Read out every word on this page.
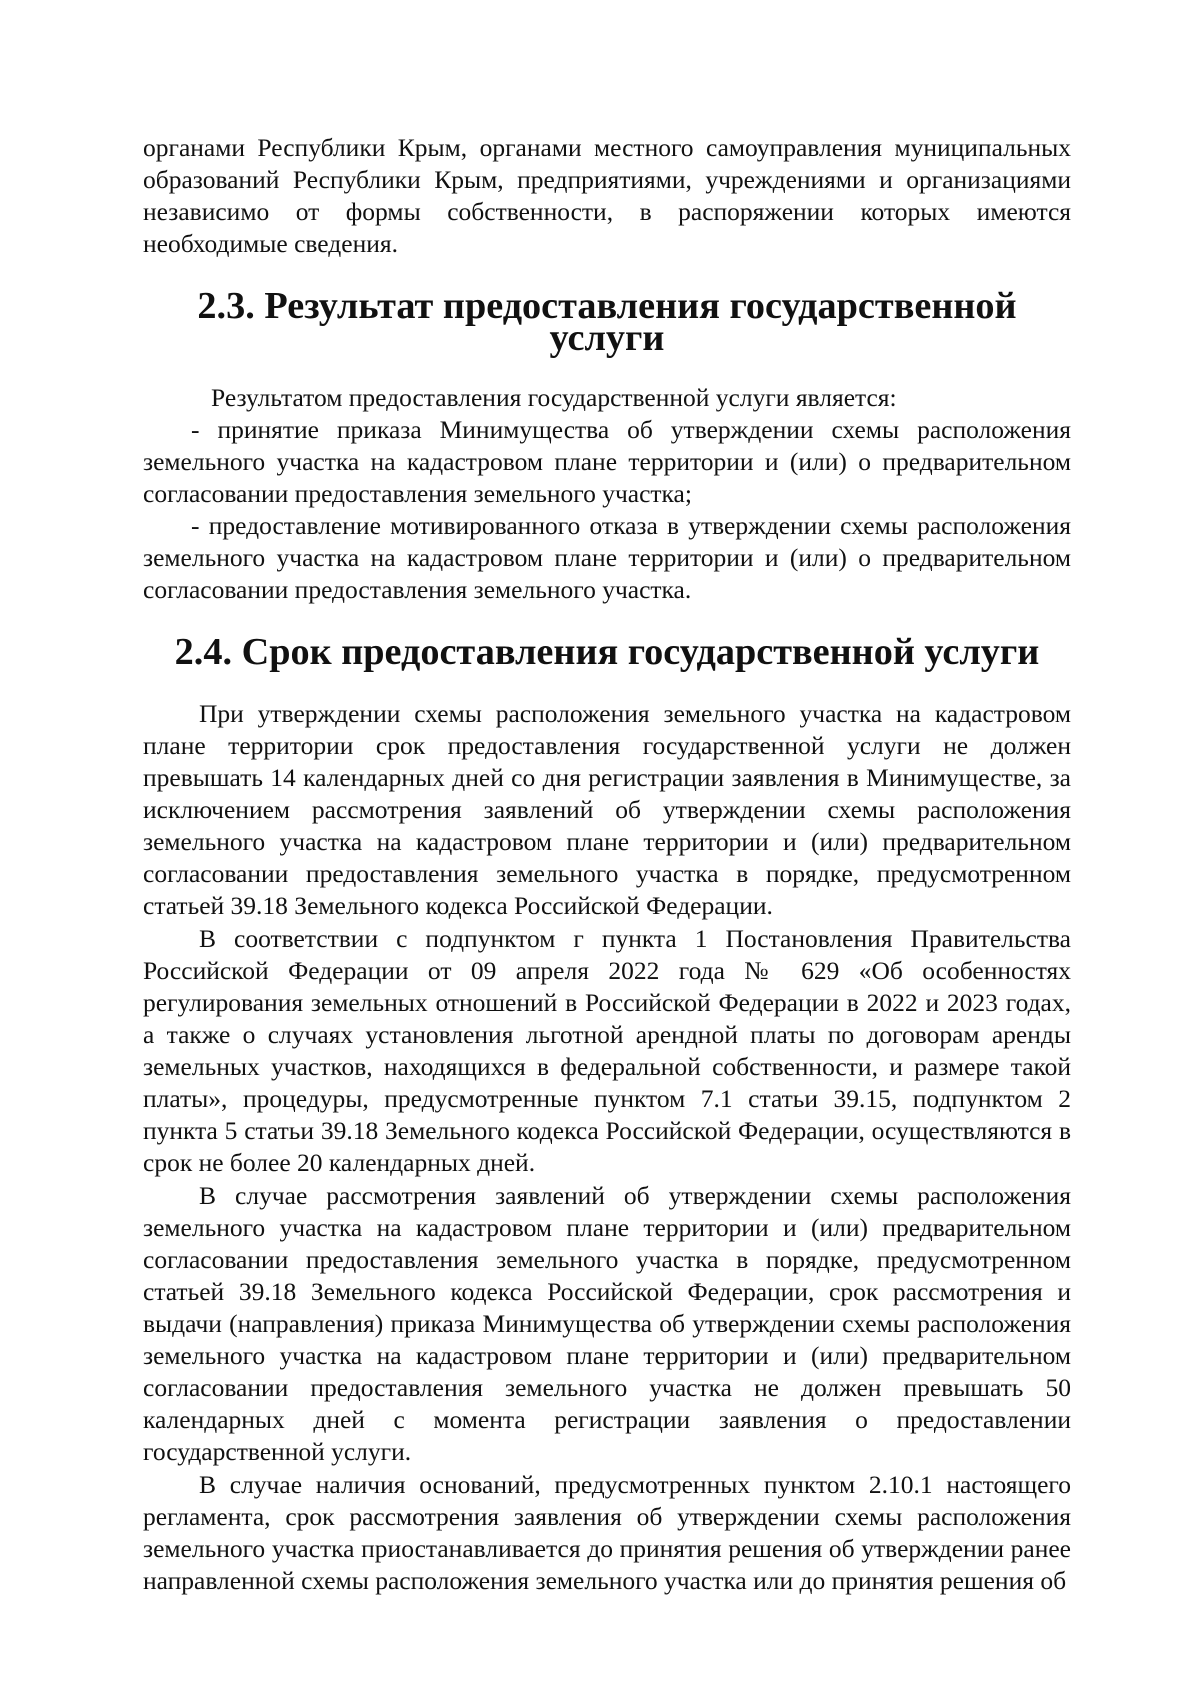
органами Республики Крым, органами местного самоуправления муниципальных образований Республики Крым, предприятиями, учреждениями и организациями независимо от формы собственности, в распоряжении которых имеются необходимые сведения.

2.3. Результат предоставления государственной услуги

Результатом предоставления государственной услуги является:

- принятие приказа Минимущества об утверждении схемы расположения земельного участка на кадастровом плане территории и (или) о предварительном согласовании предоставления земельного участка;

- предоставление мотивированного отказа в утверждении схемы расположения земельного участка на кадастровом плане территории и (или) о предварительном согласовании предоставления земельного участка.

2.4. Срок предоставления государственной услуги

При утверждении схемы расположения земельного участка на кадастровом плане территории срок предоставления государственной услуги не должен превышать 14 календарных дней со дня регистрации заявления в Минимуществе, за исключением рассмотрения заявлений об утверждении схемы расположения земельного участка на кадастровом плане территории и (или) предварительном согласовании предоставления земельного участка в порядке, предусмотренном статьей 39.18 Земельного кодекса Российской Федерации.

В соответствии с подпунктом г пункта 1 Постановления Правительства Российской Федерации от 09 апреля 2022 года № 629 «Об особенностях регулирования земельных отношений в Российской Федерации в 2022 и 2023 годах, а также о случаях установления льготной арендной платы по договорам аренды земельных участков, находящихся в федеральной собственности, и размере такой платы», процедуры, предусмотренные пунктом 7.1 статьи 39.15, подпунктом 2 пункта 5 статьи 39.18 Земельного кодекса Российской Федерации, осуществляются в срок не более 20 календарных дней.

В случае рассмотрения заявлений об утверждении схемы расположения земельного участка на кадастровом плане территории и (или) предварительном согласовании предоставления земельного участка в порядке, предусмотренном статьей 39.18 Земельного кодекса Российской Федерации, срок рассмотрения и выдачи (направления) приказа Минимущества об утверждении схемы расположения земельного участка на кадастровом плане территории и (или) предварительном согласовании предоставления земельного участка не должен превышать 50 календарных дней с момента регистрации заявления о предоставлении государственной услуги.

В случае наличия оснований, предусмотренных пунктом 2.10.1 настоящего регламента, срок рассмотрения заявления об утверждении схемы расположения земельного участка приостанавливается до принятия решения об утверждении ранее направленной схемы расположения земельного участка или до принятия решения об
